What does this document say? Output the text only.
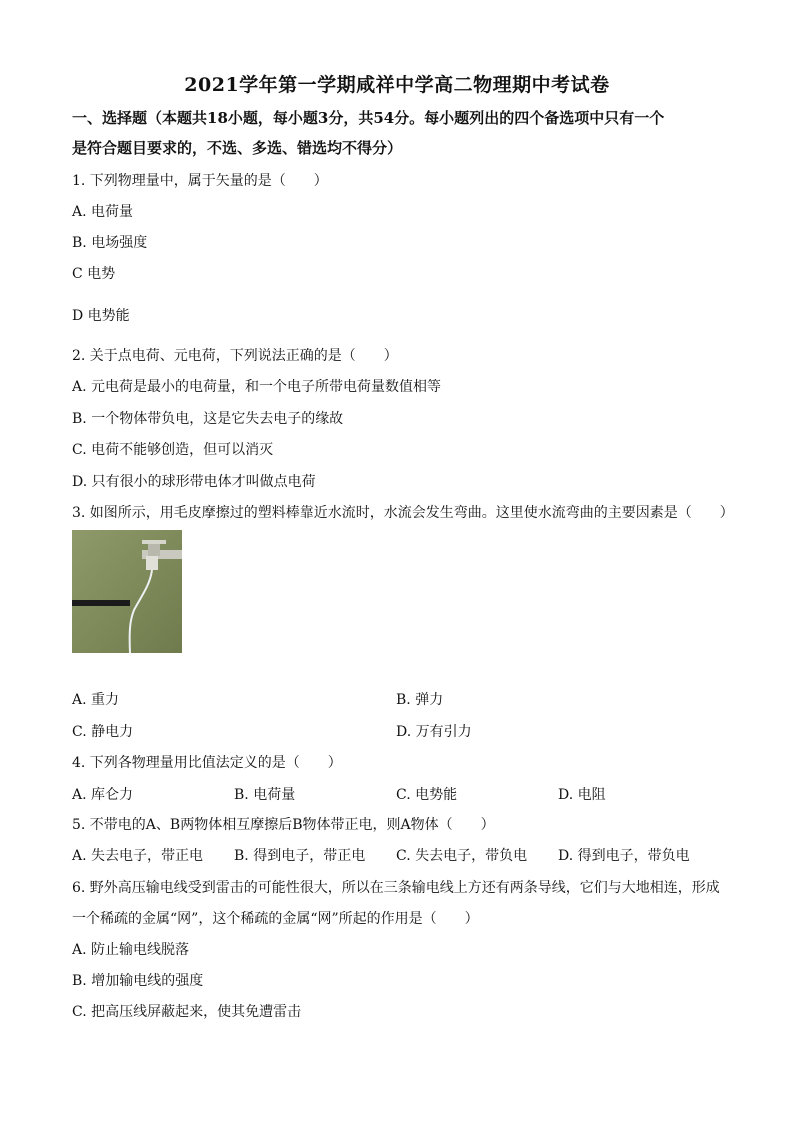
2021学年第一学期咸祥中学高二物理期中考试卷
一、选择题（本题共18小题，每小题3分，共54分。每小题列出的四个备选项中只有一个
是符合题目要求的，不选、多选、错选均不得分）
1. 下列物理量中，属于矢量的是（　　）
A. 电荷量
B. 电场强度
C 电势
D 电势能
2. 关于点电荷、元电荷，下列说法正确的是（　　）
A. 元电荷是最小的电荷量，和一个电子所带电荷量数值相等
B. 一个物体带负电，这是它失去电子的缘故
C. 电荷不能够创造，但可以消灭
D. 只有很小的球形带电体才叫做点电荷
3. 如图所示，用毛皮摩擦过的塑料棒靠近水流时，水流会发生弯曲。这里使水流弯曲的主要因素是（　　）
A. 重力	B. 弹力
C. 静电力	D. 万有引力
4. 下列各物理量用比值法定义的是（　　）
A. 库仑力	B. 电荷量	C. 电势能	D. 电阻
5. 不带电的A、B两物体相互摩擦后B物体带正电，则A物体（　　）
A. 失去电子，带正电 B. 得到电子，带正电 C. 失去电子，带负电 D. 得到电子，带负电
6. 野外高压输电线受到雷击的可能性很大，所以在三条输电线上方还有两条导线，它们与大地相连，形成
一个稀疏的金属“网”，这个稀疏的金属“网”所起的作用是（　　）
A. 防止输电线脱落
B. 增加输电线的强度
C. 把高压线屏蔽起来，使其免遭雷击
